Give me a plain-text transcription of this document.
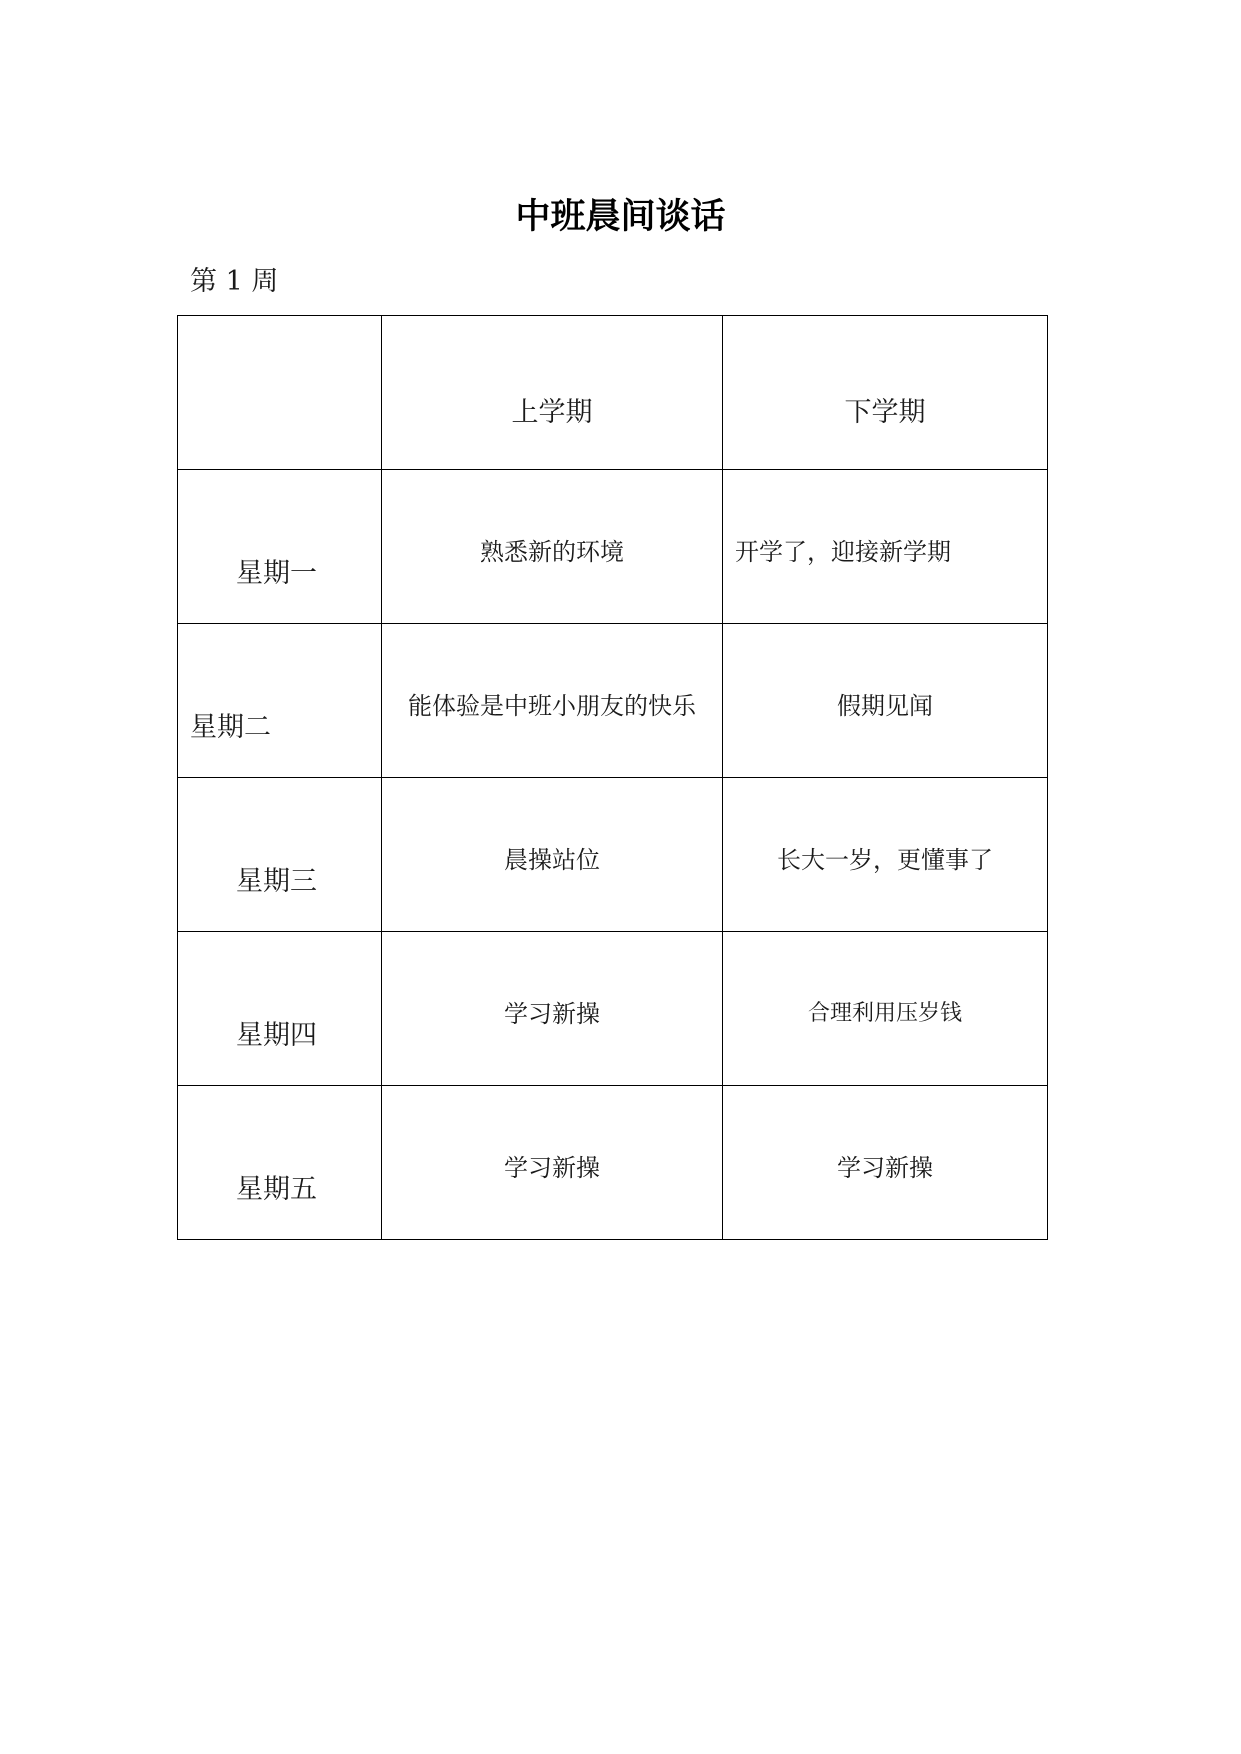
中班晨间谈话
第 1 周

	上学期	下学期

星期一	熟悉新的环境	开学了，迎接新学期

星期二	能体验是中班小朋友的快乐	假期见闻

星期三	晨操站位	长大一岁，更懂事了

星期四	学习新操	合理利用压岁钱

星期五	学习新操	学习新操
